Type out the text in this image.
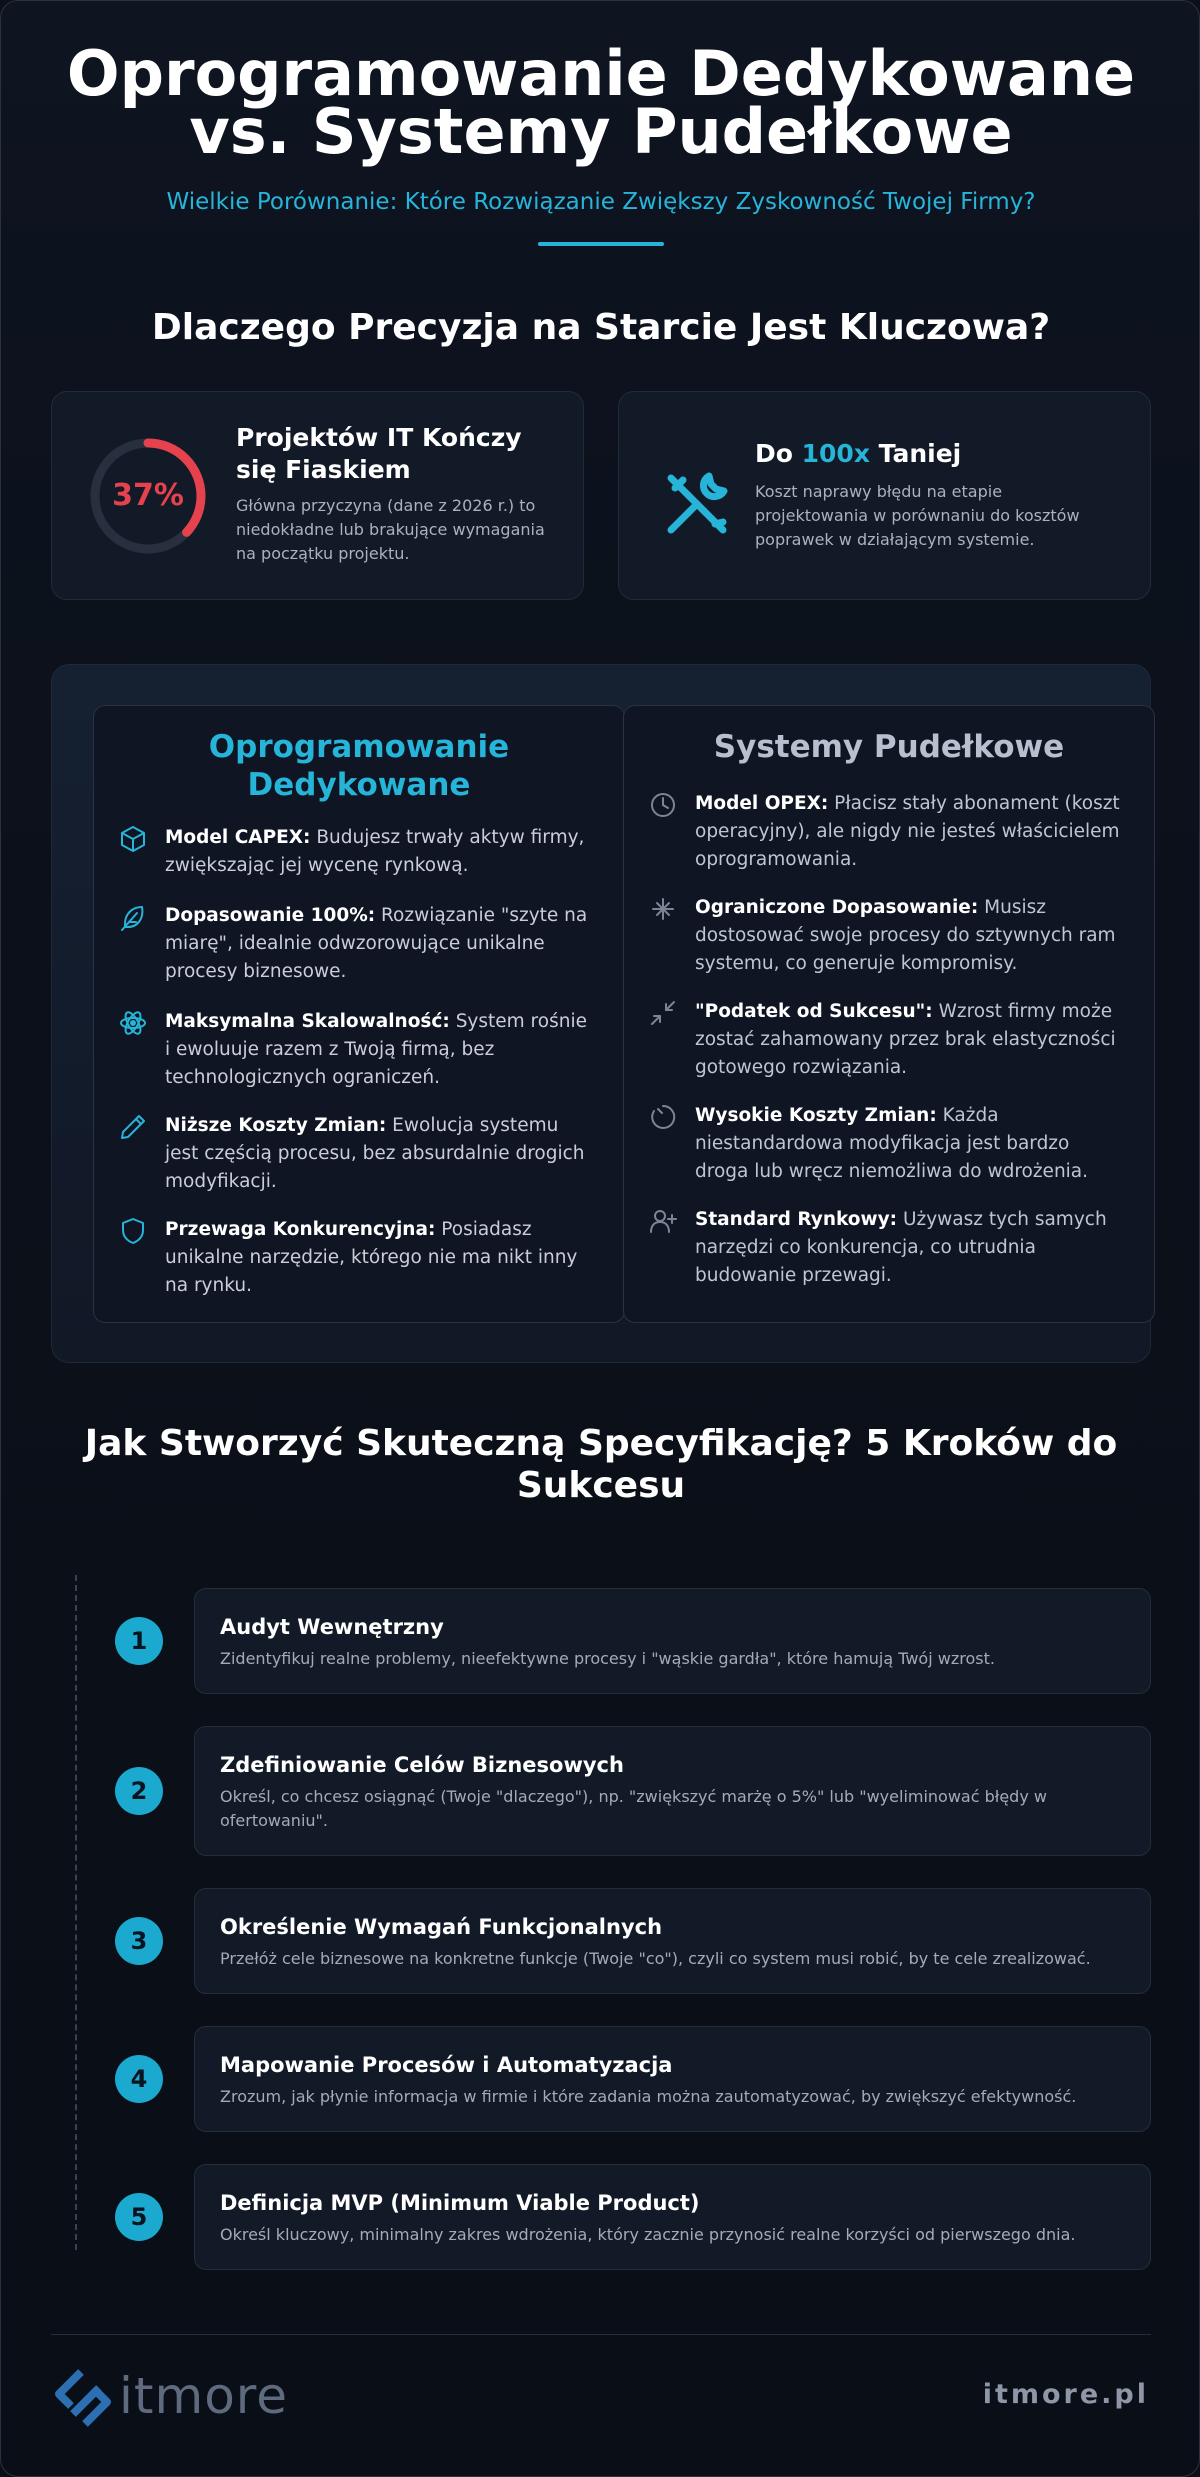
Oprogramowanie Dedykowane
vs. Systemy Pudełkowe
Wielkie Porównanie: Które Rozwiązanie Zwiększy Zyskowność Twojej Firmy?
Dlaczego Precyzja na Starcie Jest Kluczowa?
37%
Projektów IT Kończy się Fiaskiem
Główna przyczyna (dane z 2026 r.) to niedokładne lub brakujące wymagania na początku projektu.
Do 100x Taniej
Koszt naprawy błędu na etapie projektowania w porównaniu do kosztów poprawek w działającym systemie.
Oprogramowanie Dedykowane
Model CAPEX: Budujesz trwały aktyw firmy, zwiększając jej wycenę rynkową.
Dopasowanie 100%: Rozwiązanie "szyte na miarę", idealnie odwzorowujące unikalne procesy biznesowe.
Maksymalna Skalowalność: System rośnie i ewoluuje razem z Twoją firmą, bez technologicznych ograniczeń.
Niższe Koszty Zmian: Ewolucja systemu jest częścią procesu, bez absurdalnie drogich modyfikacji.
Przewaga Konkurencyjna: Posiadasz unikalne narzędzie, którego nie ma nikt inny na rynku.
Systemy Pudełkowe
Model OPEX: Płacisz stały abonament (koszt operacyjny), ale nigdy nie jesteś właścicielem oprogramowania.
Ograniczone Dopasowanie: Musisz dostosować swoje procesy do sztywnych ram systemu, co generuje kompromisy.
"Podatek od Sukcesu": Wzrost firmy może zostać zahamowany przez brak elastyczności gotowego rozwiązania.
Wysokie Koszty Zmian: Każda niestandardowa modyfikacja jest bardzo droga lub wręcz niemożliwa do wdrożenia.
Standard Rynkowy: Używasz tych samych narzędzi co konkurencja, co utrudnia budowanie przewagi.
Jak Stworzyć Skuteczną Specyfikację? 5 Kroków do
Sukcesu
1	Audyt Wewnętrzny
Zidentyfikuj realne problemy, nieefektywne procesy i "wąskie gardła", które hamują Twój wzrost.
2
Zdefiniowanie Celów Biznesowych
Określ, co chcesz osiągnąć (Twoje "dlaczego"), np. "zwiększyć marżę o 5%" lub "wyeliminować błędy w ofertowaniu".
3	Określenie Wymagań Funkcjonalnych
Przełóż cele biznesowe na konkretne funkcje (Twoje "co"), czyli co system musi robić, by te cele zrealizować.
4	Mapowanie Procesów i Automatyzacja
Zrozum, jak płynie informacja w firmie i które zadania można zautomatyzować, by zwiększyć efektywność.
5	Definicja MVP (Minimum Viable Product)
Określ kluczowy, minimalny zakres wdrożenia, który zacznie przynosić realne korzyści od pierwszego dnia.
itmore	itmore.pl
